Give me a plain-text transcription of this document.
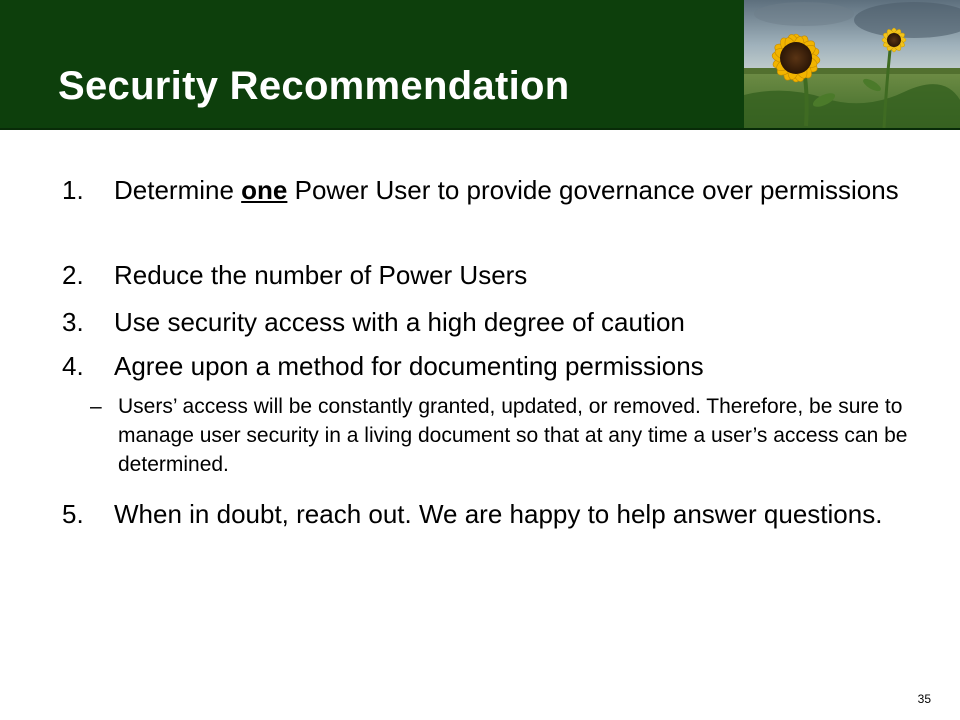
Security Recommendation
1.	Determine one Power User to provide governance over permissions
2.	Reduce the number of Power Users
3.	Use security access with a high degree of caution
4.	Agree upon a method for documenting permissions
– Users’ access will be constantly granted, updated, or removed. Therefore, be sure to manage user security in a living document so that at any time a user’s access can be determined.
5.	When in doubt, reach out. We are happy to help answer questions.
35
